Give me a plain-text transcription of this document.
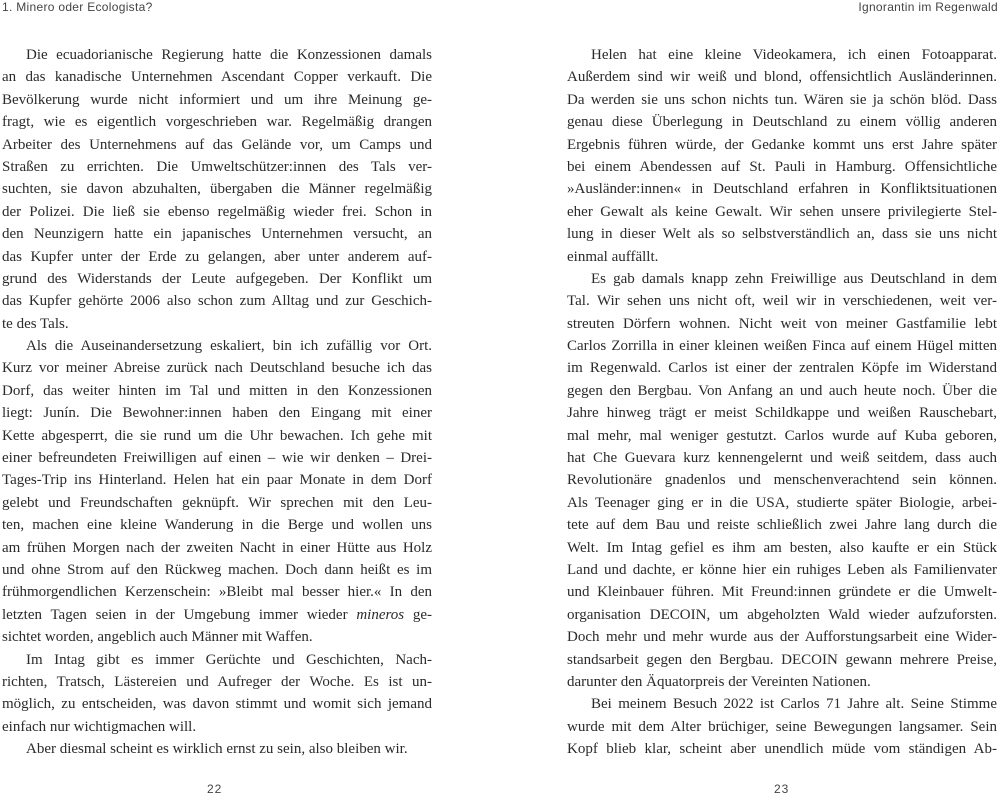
1. Minero oder Ecologista?	Ignorantin im Regenwald
Die ecuadorianische Regierung hatte die Konzessionen damals
an das kanadische Unternehmen Ascendant Copper verkauft. Die
Bevölkerung wurde nicht informiert und um ihre Meinung ge-
fragt, wie es eigentlich vorgeschrieben war. Regelmäßig drangen
Arbeiter des Unternehmens auf das Gelände vor, um Camps und
Straßen zu errichten. Die Umweltschützer:innen des Tals ver-
suchten, sie davon abzuhalten, übergaben die Männer regelmäßig
der Polizei. Die ließ sie ebenso regelmäßig wieder frei. Schon in
den Neunzigern hatte ein japanisches Unternehmen versucht, an
das Kupfer unter der Erde zu gelangen, aber unter anderem auf-
grund des Widerstands der Leute aufgegeben. Der Konflikt um
das Kupfer gehörte 2006 also schon zum Alltag und zur Geschich-
te des Tals.
Als die Auseinandersetzung eskaliert, bin ich zufällig vor Ort.
Kurz vor meiner Abreise zurück nach Deutschland besuche ich das
Dorf, das weiter hinten im Tal und mitten in den Konzessionen
liegt: Junín. Die Bewohner:innen haben den Eingang mit einer
Kette abgesperrt, die sie rund um die Uhr bewachen. Ich gehe mit
einer befreundeten Freiwilligen auf einen – wie wir denken – Drei-
Tages-Trip ins Hinterland. Helen hat ein paar Monate in dem Dorf
gelebt und Freundschaften geknüpft. Wir sprechen mit den Leu-
ten, machen eine kleine Wanderung in die Berge und wollen uns
am frühen Morgen nach der zweiten Nacht in einer Hütte aus Holz
und ohne Strom auf den Rückweg machen. Doch dann heißt es im
frühmorgendlichen Kerzenschein: »Bleibt mal besser hier.« In den
letzten Tagen seien in der Umgebung immer wieder mineros ge-
sichtet worden, angeblich auch Männer mit Waffen.
Im Intag gibt es immer Gerüchte und Geschichten, Nach-
richten, Tratsch, Lästereien und Aufreger der Woche. Es ist un-
möglich, zu entscheiden, was davon stimmt und womit sich jemand
einfach nur wichtigmachen will.
Aber diesmal scheint es wirklich ernst zu sein, also bleiben wir.
Helen hat eine kleine Videokamera, ich einen Fotoapparat.
Außerdem sind wir weiß und blond, offensichtlich Ausländerinnen.
Da werden sie uns schon nichts tun. Wären sie ja schön blöd. Dass
genau diese Überlegung in Deutschland zu einem völlig anderen
Ergebnis führen würde, der Gedanke kommt uns erst Jahre später
bei einem Abendessen auf St. Pauli in Hamburg. Offensichtliche
»Ausländer:innen« in Deutschland erfahren in Konfliktsituationen
eher Gewalt als keine Gewalt. Wir sehen unsere privilegierte Stel-
lung in dieser Welt als so selbstverständlich an, dass sie uns nicht
einmal auffällt.
Es gab damals knapp zehn Freiwillige aus Deutschland in dem
Tal. Wir sehen uns nicht oft, weil wir in verschiedenen, weit ver-
streuten Dörfern wohnen. Nicht weit von meiner Gastfamilie lebt
Carlos Zorrilla in einer kleinen weißen Finca auf einem Hügel mitten
im Regenwald. Carlos ist einer der zentralen Köpfe im Widerstand
gegen den Bergbau. Von Anfang an und auch heute noch. Über die
Jahre hinweg trägt er meist Schildkappe und weißen Rauschebart,
mal mehr, mal weniger gestutzt. Carlos wurde auf Kuba geboren,
hat Che Guevara kurz kennengelernt und weiß seitdem, dass auch
Revolutionäre gnadenlos und menschenverachtend sein können.
Als Teenager ging er in die USA, studierte später Biologie, arbei-
tete auf dem Bau und reiste schließlich zwei Jahre lang durch die
Welt. Im Intag gefiel es ihm am besten, also kaufte er ein Stück
Land und dachte, er könne hier ein ruhiges Leben als Familienvater
und Kleinbauer führen. Mit Freund:innen gründete er die Umwelt-
organisation DECOIN, um abgeholzten Wald wieder aufzuforsten.
Doch mehr und mehr wurde aus der Aufforstungsarbeit eine Wider-
standsarbeit gegen den Bergbau. DECOIN gewann mehrere Preise,
darunter den Äquatorpreis der Vereinten Nationen.
Bei meinem Besuch 2022 ist Carlos 71 Jahre alt. Seine Stimme
wurde mit dem Alter brüchiger, seine Bewegungen langsamer. Sein
Kopf blieb klar, scheint aber unendlich müde vom ständigen Ab-
22	23
